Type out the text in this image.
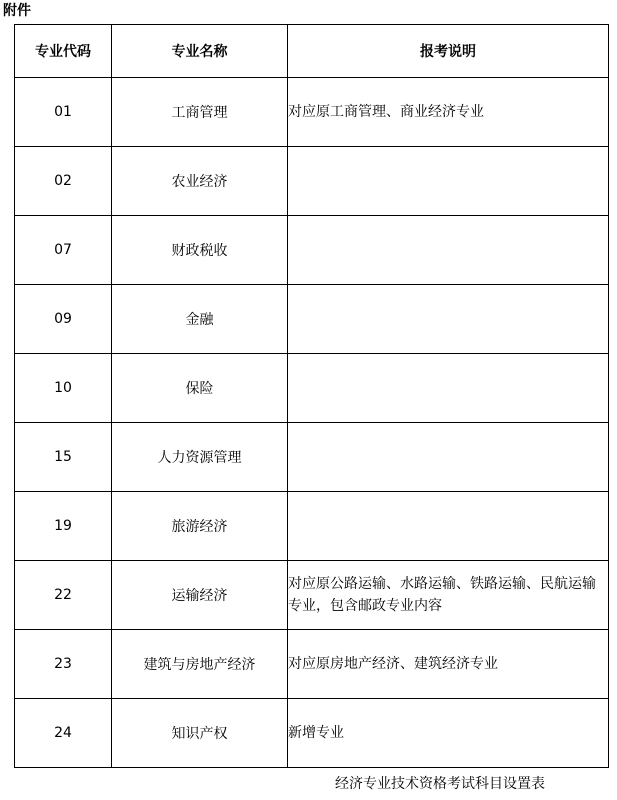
附件
专业代码	专业名称	报考说明
01	工商管理	对应原工商管理、商业经济专业
02	农业经济	
07	财政税收	
09	金融	
10	保险	
15	人力资源管理	
19	旅游经济	
22	运输经济	对应原公路运输、水路运输、铁路运输、民航运输专业，包含邮政专业内容
23	建筑与房地产经济	对应原房地产经济、建筑经济专业
24	知识产权	新增专业
经济专业技术资格考试科目设置表
